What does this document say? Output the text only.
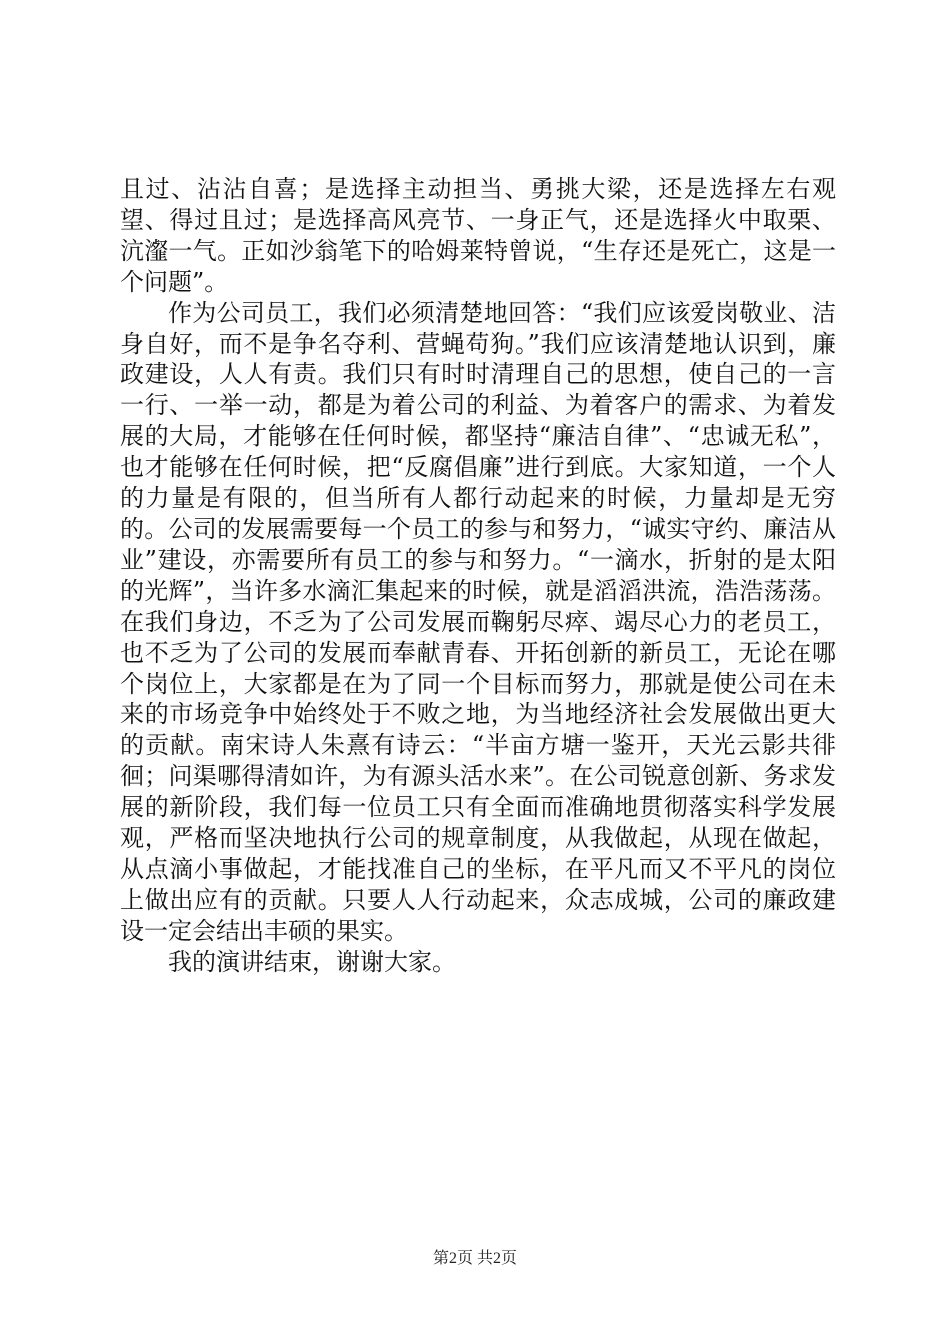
且过、沾沾自喜；是选择主动担当、勇挑大梁，还是选择左右观望、得过且过；是选择高风亮节、一身正气，还是选择火中取栗、沆瀣一气。正如沙翁笔下的哈姆莱特曾说，“生存还是死亡，这是一个问题”。

作为公司员工，我们必须清楚地回答：“我们应该爱岗敬业、洁身自好，而不是争名夺利、营蝇苟狗。”我们应该清楚地认识到，廉政建设，人人有责。我们只有时时清理自己的思想，使自己的一言一行、一举一动，都是为着公司的利益、为着客户的需求、为着发展的大局，才能够在任何时候，都坚持“廉洁自律”、“忠诚无私”，也才能够在任何时候，把“反腐倡廉”进行到底。大家知道，一个人的力量是有限的，但当所有人都行动起来的时候，力量却是无穷的。公司的发展需要每一个员工的参与和努力，“诚实守约、廉洁从业”建设，亦需要所有员工的参与和努力。“一滴水，折射的是太阳的光辉”，当许多水滴汇集起来的时候，就是滔滔洪流，浩浩荡荡。在我们身边，不乏为了公司发展而鞠躬尽瘁、竭尽心力的老员工，也不乏为了公司的发展而奉献青春、开拓创新的新员工，无论在哪个岗位上，大家都是在为了同一个目标而努力，那就是使公司在未来的市场竞争中始终处于不败之地，为当地经济社会发展做出更大的贡献。南宋诗人朱熹有诗云：“半亩方塘一鉴开，天光云影共徘徊；问渠哪得清如许，为有源头活水来”。在公司锐意创新、务求发展的新阶段，我们每一位员工只有全面而准确地贯彻落实科学发展观，严格而坚决地执行公司的规章制度，从我做起，从现在做起，从点滴小事做起，才能找准自己的坐标，在平凡而又不平凡的岗位上做出应有的贡献。只要人人行动起来，众志成城，公司的廉政建设一定会结出丰硕的果实。

我的演讲结束，谢谢大家。

第2页 共2页
